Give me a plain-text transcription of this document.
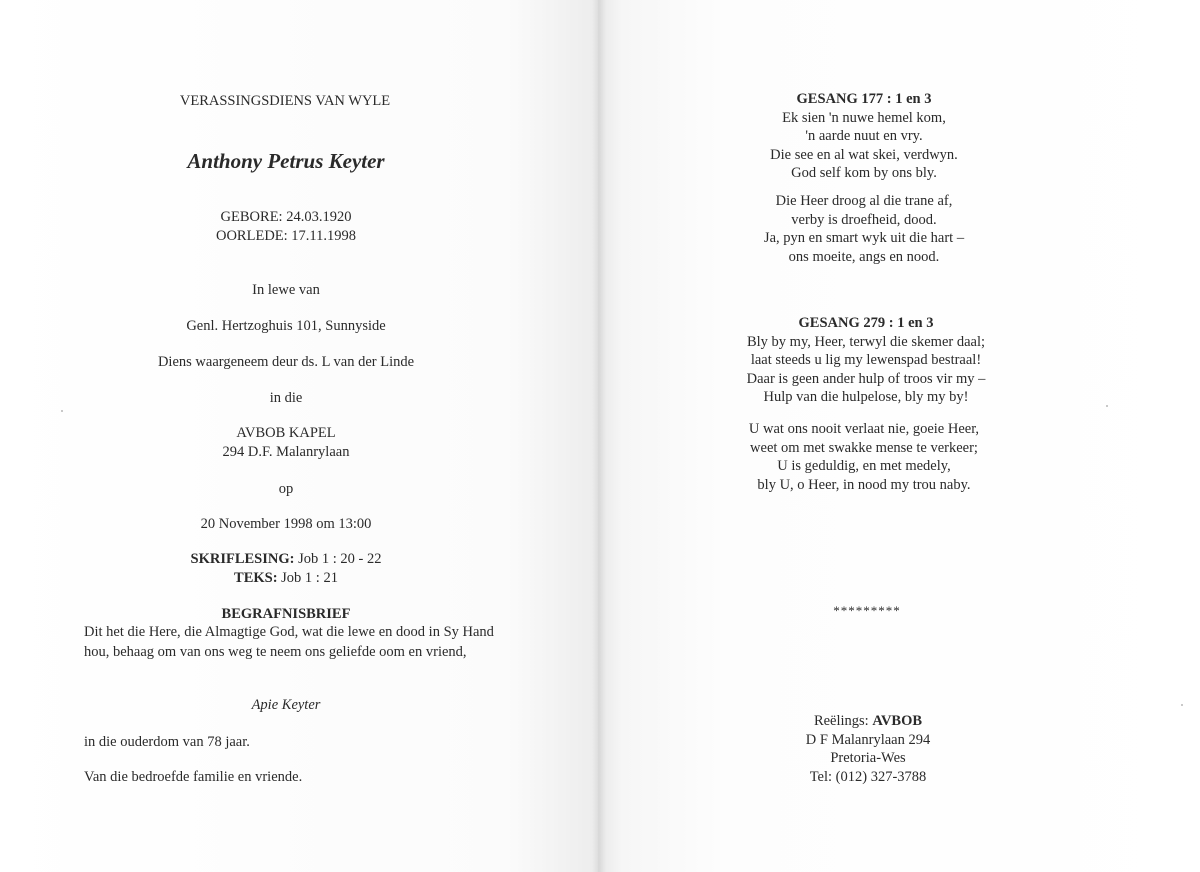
VERASSINGSDIENS VAN WYLE
Anthony Petrus Keyter
GEBORE: 24.03.1920
OORLEDE: 17.11.1998
In lewe van
Genl. Hertzoghuis 101, Sunnyside
Diens waargeneem deur ds. L van der Linde
in die
AVBOB KAPEL
294 D.F. Malanrylaan
op
20 November 1998 om 13:00
SKRIFLESING: Job 1 : 20 - 22
TEKS: Job 1 : 21
BEGRAFNISBRIEF
Dit het die Here, die Almagtige God, wat die lewe en dood in Sy Hand hou, behaag om van ons weg te neem ons geliefde oom en vriend,
Apie Keyter
in die ouderdom van 78 jaar.
Van die bedroefde familie en vriende.
GESANG 177 : 1 en 3
Ek sien 'n nuwe hemel kom,
'n aarde nuut en vry.
Die see en al wat skei, verdwyn.
God self kom by ons bly.
Die Heer droog al die trane af,
verby is droefheid, dood.
Ja, pyn en smart wyk uit die hart –
ons moeite, angs en nood.
GESANG 279 : 1 en 3
Bly by my, Heer, terwyl die skemer daal;
laat steeds u lig my lewenspad bestraal!
Daar is geen ander hulp of troos vir my –
Hulp van die hulpelose, bly my by!
U wat ons nooit verlaat nie, goeie Heer,
weet om met swakke mense te verkeer;
U is geduldig, en met medely,
bly U, o Heer, in nood my trou naby.
*********
Reëlings: AVBOB
D F Malanrylaan 294
Pretoria-Wes
Tel: (012) 327-3788
